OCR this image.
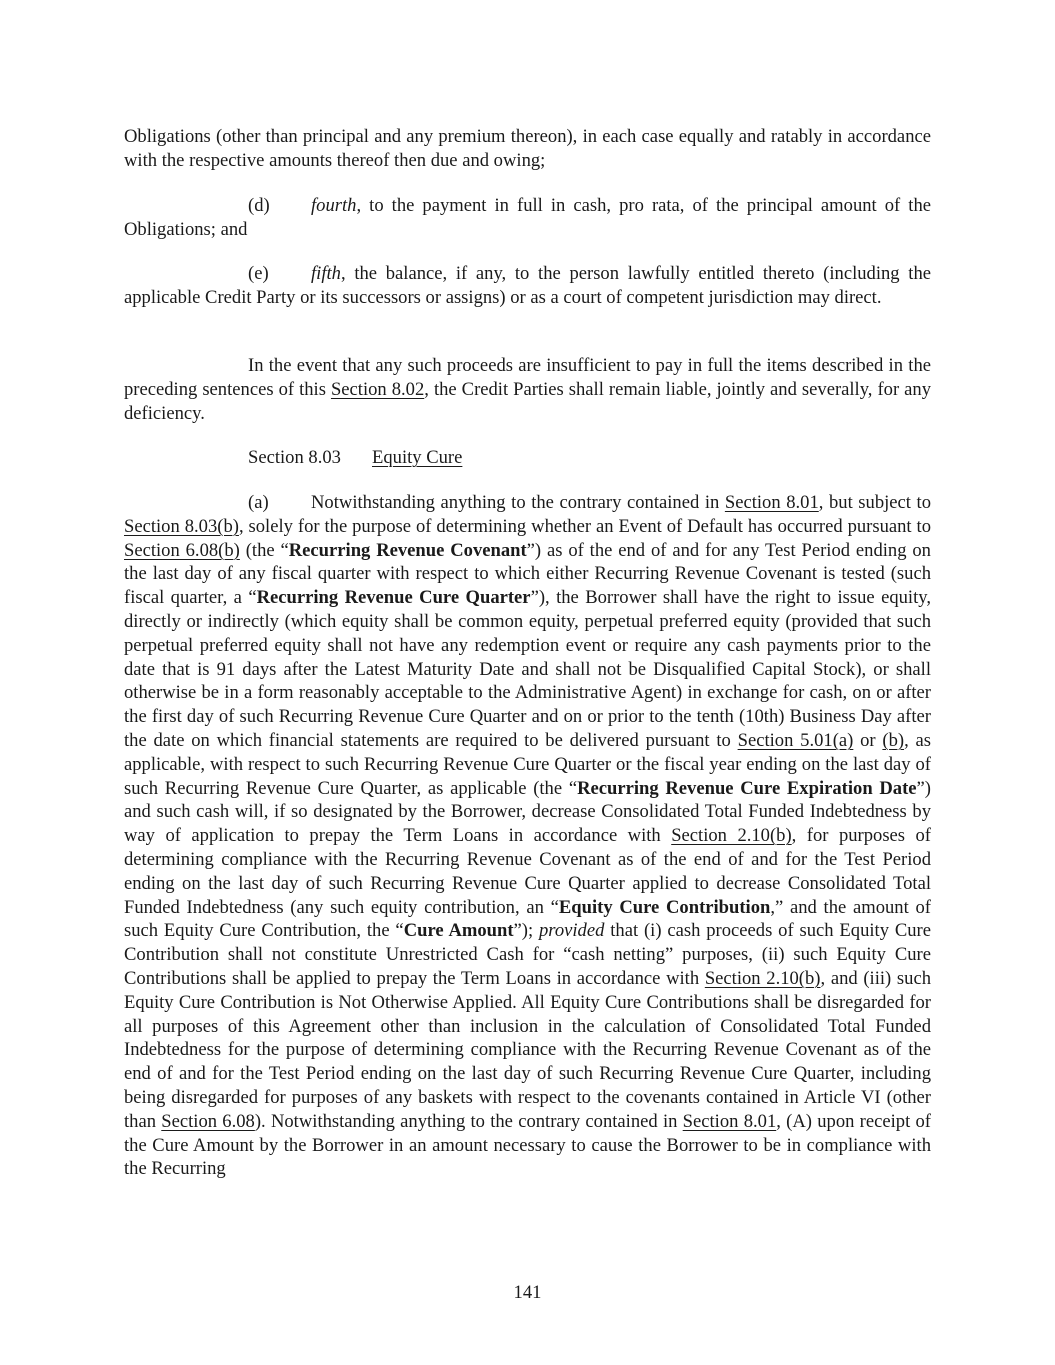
Obligations (other than principal and any premium thereon), in each case equally and ratably in accordance with the respective amounts thereof then due and owing;

(d) fourth, to the payment in full in cash, pro rata, of the principal amount of the Obligations; and

(e) fifth, the balance, if any, to the person lawfully entitled thereto (including the applicable Credit Party or its successors or assigns) or as a court of competent jurisdiction may direct.

In the event that any such proceeds are insufficient to pay in full the items described in the preceding sentences of this Section 8.02, the Credit Parties shall remain liable, jointly and severally, for any deficiency.

Section 8.03 Equity Cure

(a) Notwithstanding anything to the contrary contained in Section 8.01, but subject to Section 8.03(b), solely for the purpose of determining whether an Event of Default has occurred pursuant to Section 6.08(b) (the “Recurring Revenue Covenant”) as of the end of and for any Test Period ending on the last day of any fiscal quarter with respect to which either Recurring Revenue Covenant is tested (such fiscal quarter, a “Recurring Revenue Cure Quarter”), the Borrower shall have the right to issue equity, directly or indirectly (which equity shall be common equity, perpetual preferred equity (provided that such perpetual preferred equity shall not have any redemption event or require any cash payments prior to the date that is 91 days after the Latest Maturity Date and shall not be Disqualified Capital Stock), or shall otherwise be in a form reasonably acceptable to the Administrative Agent) in exchange for cash, on or after the first day of such Recurring Revenue Cure Quarter and on or prior to the tenth (10th) Business Day after the date on which financial statements are required to be delivered pursuant to Section 5.01(a) or (b), as applicable, with respect to such Recurring Revenue Cure Quarter or the fiscal year ending on the last day of such Recurring Revenue Cure Quarter, as applicable (the “Recurring Revenue Cure Expiration Date”) and such cash will, if so designated by the Borrower, decrease Consolidated Total Funded Indebtedness by way of application to prepay the Term Loans in accordance with Section 2.10(b), for purposes of determining compliance with the Recurring Revenue Covenant as of the end of and for the Test Period ending on the last day of such Recurring Revenue Cure Quarter applied to decrease Consolidated Total Funded Indebtedness (any such equity contribution, an “Equity Cure Contribution,” and the amount of such Equity Cure Contribution, the “Cure Amount”); provided that (i) cash proceeds of such Equity Cure Contribution shall not constitute Unrestricted Cash for “cash netting” purposes, (ii) such Equity Cure Contributions shall be applied to prepay the Term Loans in accordance with Section 2.10(b), and (iii) such Equity Cure Contribution is Not Otherwise Applied. All Equity Cure Contributions shall be disregarded for all purposes of this Agreement other than inclusion in the calculation of Consolidated Total Funded Indebtedness for the purpose of determining compliance with the Recurring Revenue Covenant as of the end of and for the Test Period ending on the last day of such Recurring Revenue Cure Quarter, including being disregarded for purposes of any baskets with respect to the covenants contained in Article VI (other than Section 6.08). Notwithstanding anything to the contrary contained in Section 8.01, (A) upon receipt of the Cure Amount by the Borrower in an amount necessary to cause the Borrower to be in compliance with the Recurring

141
